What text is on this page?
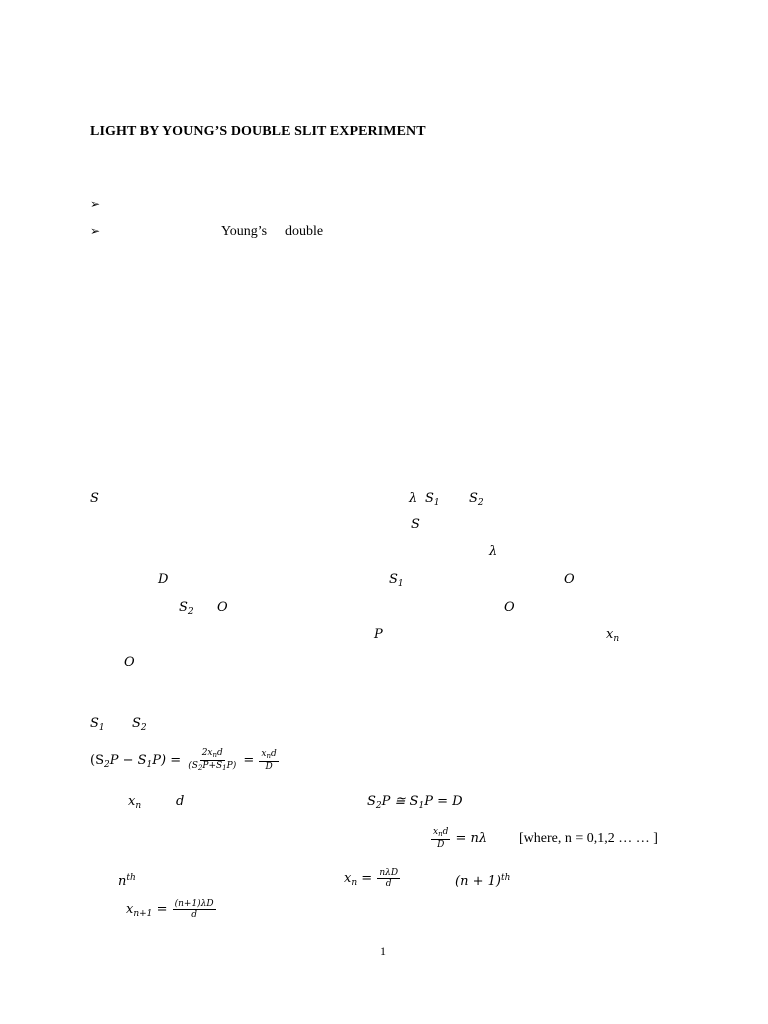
LIGHT BY YOUNG’S DOUBLE SLIT EXPERIMENT
➢
➢	Young’s double
S	λ $S_1$ $S_2$
S
λ
D	$S_1$	O
$S_2$ O	O
P	$x_n$
O
$S_1$ $S_2$
$(S_2P - S_1P) = \frac{2x_nd}{(S_2P+S_1P)} = \frac{x_nd}{D}$
$x_n$	d	$S_2P$ ≅ $S_1P = D$
$\frac{x_nd}{D} = n\lambda$ [where, n = 0,1,2 … … ]
$n^{th}$	$x_n = \frac{\text{nλD}}{d}$	$(n + 1)^{th}$
$x_{n+1} = \frac{(n+1)\lambda D}{d}$
1
